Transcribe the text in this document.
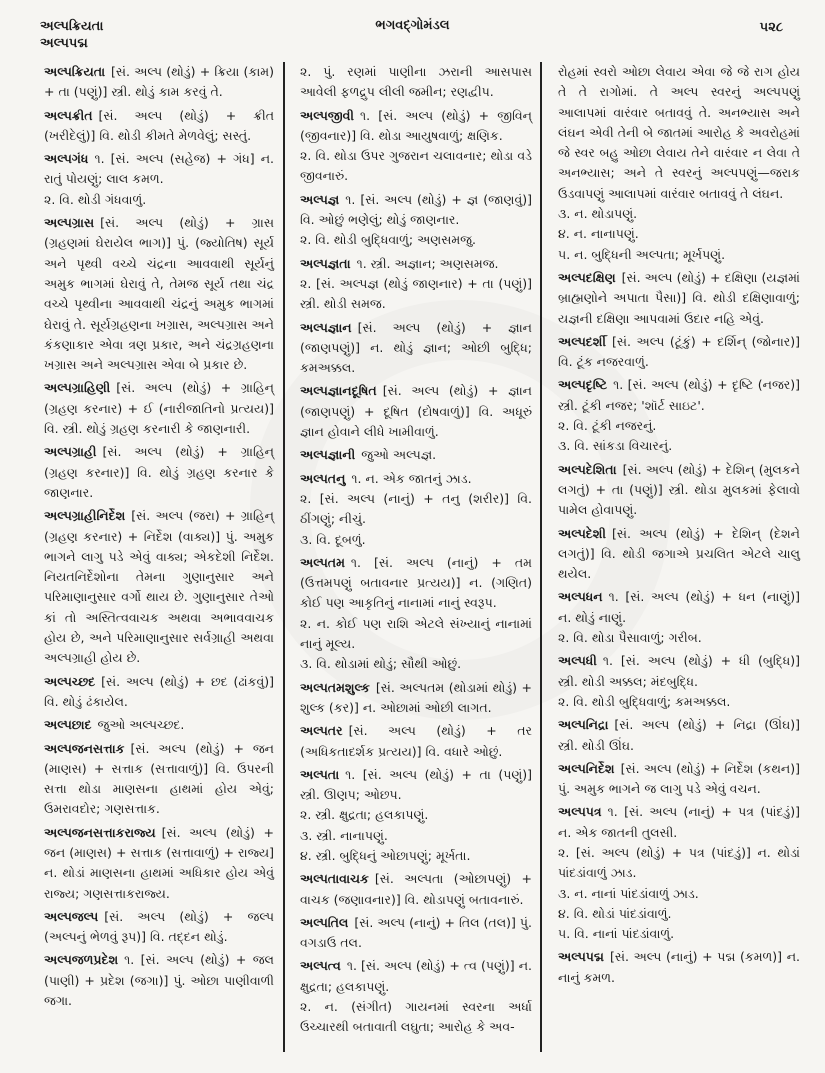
અલ્પક્રિયતા
અલ્પપદ્મ
ભગવદ્ગોમંડલ	૫૨૮
અલ્પક્રિયતા [સં. અલ્પ (થોડું) + ક્રિયા (કામ) + તા (પણું)] સ્ત્રી. થોડું કામ કરવું તે.
અલ્પક્રીત [સં. અલ્પ (થોડું) + ક્રીત (ખરીદેલું)] વિ. થોડી કીમતે મેળવેલું; સસ્તું.
અલ્પગંધ ૧. [સં. અલ્પ (સહેજ) + ગંધ] ન. રાતું પોયણું; લાલ કમળ.
૨. વિ. થોડી ગંધવાળું.
અલ્પગ્રાસ [સં. અલ્પ (થોડું) + ગ્રાસ (ગ્રહણમાં ઘેરાયેલ ભાગ)] પું. (જ્યોતિષ) સૂર્ય અને પૃથ્વી વચ્ચે ચંદ્રના આવવાથી સૂર્યનું અમુક ભાગમાં ઘેરાવું તે, તેમજ સૂર્ય તથા ચંદ્ર વચ્ચે પૃથ્વીના આવવાથી ચંદ્રનું અમુક ભાગમાં ઘેરાવું તે. સૂર્યગ્રહણના ખગ્રાસ, અલ્પગ્રાસ અને કંકણાકાર એવા ત્રણ પ્રકાર, અને ચંદ્રગ્રહણના ખગ્રાસ અને અલ્પગ્રાસ એવા બે પ્રકાર છે.
અલ્પગ્રાહિણી [સં. અલ્પ (થોડું) + ગ્રાહિન્ (ગ્રહણ કરનાર) + ઈ (નારીજાતિનો પ્રત્યય)] વિ. સ્ત્રી. થોડું ગ્રહણ કરનારી કે જાણનારી.
અલ્પગ્રાહી [સં. અલ્પ (થોડું) + ગ્રાહિન્ (ગ્રહણ કરનાર)] વિ. થોડું ગ્રહણ કરનાર કે જાણનાર.
અલ્પગ્રાહીનિર્દેશ [સં. અલ્પ (જરા) + ગ્રાહિન્ (ગ્રહણ કરનાર) + નિર્દેશ (વાક્ય)] પું. અમુક ભાગને લાગુ પડે એવું વાક્ય; એકદેશી નિર્દેશ. નિયતનિર્દેશોના તેમના ગુણાનુસાર અને પરિમાણાનુસાર વર્ગો થાય છે. ગુણાનુસાર તેઓ કાં તો અસ્તિત્વવાચક અથવા અભાવવાચક હોય છે, અને પરિમાણાનુસાર સર્વગ્રાહી અથવા અલ્પગ્રાહી હોય છે.
અલ્પચ્છદ [સં. અલ્પ (થોડું) + છદ (ઢાંકવું)] વિ. થોડું ઢંકાયેલ.
અલ્પછાદ જુઓ અલ્પચ્છદ.
અલ્પજનસત્તાક [સં. અલ્પ (થોડું) + જન (માણસ) + સત્તાક (સત્તાવાળું)] વિ. ઉપરની સત્તા થોડા માણસના હાથમાં હોય એવું; ઉમરાવદોર; ગણસત્તાક.
અલ્પજનસત્તાકરાજ્ય [સં. અલ્પ (થોડું) + જન (માણસ) + સત્તાક (સત્તાવાળું) + રાજ્ય] ન. થોડાં માણસના હાથમાં અધિકાર હોય એવું રાજ્ય; ગણસત્તાકરાજ્ય.
અલ્પજલ્પ [સં. અલ્પ (થોડું) + જલ્પ (અલ્પનું ભેળવું રૂપ)] વિ. તદ્દન થોડું.
અલ્પજળપ્રદેશ ૧. [સં. અલ્પ (થોડું) + જલ (પાણી) + પ્રદેશ (જગા)] પું. ઓછા પાણીવાળી જગા.
૨. પું. રણમાં પાણીના ઝરાની આસપાસ આવેલી ફળદ્રુપ લીલી જમીન; રણદ્વીપ.
અલ્પજીવી ૧. [સં. અલ્પ (થોડું) + જીવિન્ (જીવનાર)] વિ. થોડા આયુષવાળું; ક્ષણિક.
૨. વિ. થોડા ઉપર ગુજરાન ચલાવનાર; થોડા વડે જીવનારું.
અલ્પજ્ઞ ૧. [સં. અલ્પ (થોડું) + જ્ઞ (જાણવું)] વિ. ઓછું ભણેલું; થોડું જાણનાર.
૨. વિ. થોડી બુદ્ધિવાળું; અણસમજુ.
અલ્પજ્ઞતા ૧. સ્ત્રી. અજ્ઞાન; અણસમજ.
૨. [સં. અલ્પજ્ઞ (થોડું જાણનાર) + તા (પણું)] સ્ત્રી. થોડી સમજ.
અલ્પજ્ઞાન [સં. અલ્પ (થોડું) + જ્ઞાન (જાણપણું)] ન. થોડું જ્ઞાન; ઓછી બુદ્ધિ; કમઅક્કલ.
અલ્પજ્ઞાનદૂષિત [સં. અલ્પ (થોડું) + જ્ઞાન (જાણપણું) + દૂષિત (દોષવાળું)] વિ. અધૂરું જ્ઞાન હોવાને લીધે ખામીવાળું.
અલ્પજ્ઞાની જુઓ અલ્પજ્ઞ.
અલ્પતનુ ૧. ન. એક જાતનું ઝાડ.
૨. [સં. અલ્પ (નાનું) + તનુ (શરીર)] વિ. ઠીંગણું; નીચું.
૩. વિ. દૂબળું.
અલ્પતમ ૧. [સં. અલ્પ (નાનું) + તમ (ઉત્તમપણું બતાવનાર પ્રત્યય)] ન. (ગણિત) કોઈ પણ આકૃતિનું નાનામાં નાનું સ્વરૂપ.
૨. ન. કોઈ પણ રાશિ એટલે સંખ્યાનું નાનામાં નાનું મૂલ્ય.
૩. વિ. થોડામાં થોડું; સૌથી ઓછું.
અલ્પતમશુલ્ક [સં. અલ્પતમ (થોડામાં થોડું) + શુલ્ક (કર)] ન. ઓછામાં ઓછી લાગત.
અલ્પતર [સં. અલ્પ (થોડું) + તર (અધિકતાદર્શક પ્રત્યય)] વિ. વધારે ઓછું.
અલ્પતા ૧. [સં. અલ્પ (થોડું) + તા (પણું)] સ્ત્રી. ઊણપ; ઓછપ.
૨. સ્ત્રી. ક્ષુદ્રતા; હલકાપણું.
૩. સ્ત્રી. નાનાપણું.
૪. સ્ત્રી. બુદ્ધિનું ઓછાપણું; મૂર્ખતા.
અલ્પતાવાચક [સં. અલ્પતા (ઓછાપણું) + વાચક (જણાવનાર)] વિ. થોડાપણું બતાવનારું.
અલ્પતિલ [સં. અલ્પ (નાનું) + તિલ (તલ)] પું. વગડાઉ તલ.
અલ્પત્વ ૧. [સં. અલ્પ (થોડું) + ત્વ (પણું)] ન. ક્ષુદ્રતા; હલકાપણું.
૨. ન. (સંગીત) ગાયનમાં સ્વરના અર્ધા ઉચ્ચારથી બતાવાતી લઘુતા; આરોહ કે અવ-
રોહમાં સ્વરો ઓછા લેવાય એવા જે જે રાગ હોય તે તે રાગોમાં. તે અલ્પ સ્વરનું અલ્પપણું આલાપમાં વારંવાર બતાવવું તે. અનભ્યાસ અને લંઘન એવી તેની બે જાતમાં આરોહ કે અવરોહમાં જે સ્વર બહુ ઓછા લેવાય તેને વારંવાર ન લેવા તે અનભ્યાસ; અને તે સ્વરનું અલ્પપણું—જરાક ઉડવાપણું આલાપમાં વારંવાર બતાવવું તે લંઘન.
૩. ન. થોડાપણું.
૪. ન. નાનાપણું.
૫. ન. બુદ્ધિની અલ્પતા; મૂર્ખપણું.
અલ્પદક્ષિણ [સં. અલ્પ (થોડું) + દક્ષિણા (યજ્ઞમાં બ્રાહ્મણોને અપાતા પૈસા)] વિ. થોડી દક્ષિણાવાળું; યજ્ઞની દક્ષિણા આપવામાં ઉદાર નહિ એવું.
અલ્પદર્શી [સં. અલ્પ (ટૂંકું) + દર્શિન્ (જોનાર)] વિ. ટૂંક નજરવાળું.
અલ્પદૃષ્ટિ ૧. [સં. અલ્પ (થોડું) + દૃષ્ટિ (નજર)] સ્ત્રી. ટૂંકી નજર; 'શૉર્ટ સાઇટ'.
૨. વિ. ટૂંકી નજરનું.
૩. વિ. સાંકડા વિચારનું.
અલ્પદેશિતા [સં. અલ્પ (થોડું) + દેશિન્ (મુલકને લગતું) + તા (પણું)] સ્ત્રી. થોડા મુલકમાં ફેલાવો પામેલ હોવાપણું.
અલ્પદેશી [સં. અલ્પ (થોડું) + દેશિન્ (દેશને લગતું)] વિ. થોડી જગાએ પ્રચલિત એટલે ચાલુ થયેલ.
અલ્પધન ૧. [સં. અલ્પ (થોડું) + ધન (નાણું)] ન. થોડું નાણું.
૨. વિ. થોડા પૈસાવાળું; ગરીબ.
અલ્પધી ૧. [સં. અલ્પ (થોડું) + ધી (બુદ્ધિ)] સ્ત્રી. થોડી અક્કલ; મંદબુદ્ધિ.
૨. વિ. થોડી બુદ્ધિવાળું; કમઅક્કલ.
અલ્પનિદ્રા [સં. અલ્પ (થોડું) + નિદ્રા (ઊંઘ)] સ્ત્રી. થોડી ઊંઘ.
અલ્પનિર્દેશ [સં. અલ્પ (થોડું) + નિર્દેશ (કથન)] પું. અમુક ભાગને જ લાગુ પડે એવું વચન.
અલ્પપત્ર ૧. [સં. અલ્પ (નાનું) + પત્ર (પાંદડું)] ન. એક જાતની તુલસી.
૨. [સં. અલ્પ (થોડું) + પત્ર (પાંદડું)] ન. થોડાં પાંદડાંવાળું ઝાડ.
૩. ન. નાનાં પાંદડાંવાળું ઝાડ.
૪. વિ. થોડાં પાંદડાંવાળું.
૫. વિ. નાનાં પાંદડાંવાળું.
અલ્પપદ્મ [સં. અલ્પ (નાનું) + પદ્મ (કમળ)] ન. નાનું કમળ.
